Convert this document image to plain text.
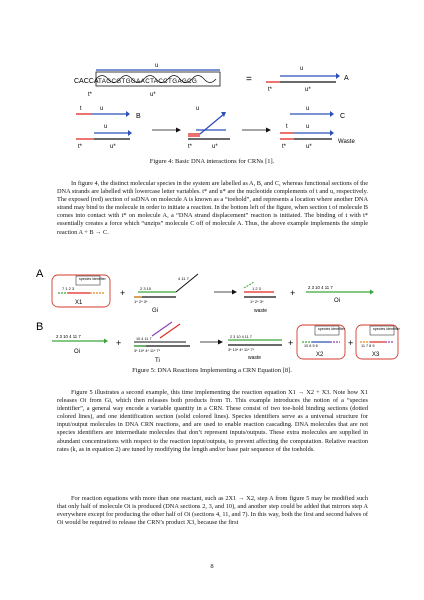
CACCA TAGCGTGGAACTACCTGAGCG
u
t*	u*
=
u
t*	u*
A
t	u
B
u
t*	u*
u
t*	u*
u
C
t	u
t*	u*
Waste
Figure 4: Basic DNA interactions for CRNs [1].

In figure 4, the distinct molecular species in the system are labelled as A, B, and C, whereas functional sections of the DNA strands are labelled with lowercase letter variables. t* and u* are the nucleotide complements of t and u, respectively. The exposed (red) section of ssDNA on molecule A is known as a “toehold”, and represents a location where another DNA strand may bind to the molecule in order to initiate a reaction. In the bottom left of the figure, when section t of molecule B comes into contact with t* on molecule A, a “DNA strand displacement” reaction is initiated. The binding of t with t* essentially creates a force which “unzips” molecule C off of molecule A. Thus, the above example implements the simple reaction A + B → C.

A
B
species identifier
7 1 2 3
X1
+	2 3 10
4 11 7
1* 2* 3*
Gi
1 2 3
1* 2* 3*
waste
+
2 3 10 4 11 7
Oi
2 3 10 4 11 7
Oi
+	10 4 11 7
3* 10* 4* 11* 7*
Ti
2 3 10 4 11 7
3* 10* 4* 11* 7*
waste
+
species identifier
10 6 5 6
X2
+
species identifier
11 7 8 9
X3
Figure 5: DNA Reactions Implementing a CRN Equation [8].

Figure 5 illustrates a second example, this time implementing the reaction equation X1 → X2 + X3. Note how X1 releases Oi from Gi, which then releases both products from Ti. This example introduces the notion of a “species identifier”, a general way encode a variable quantity in a CRN. These consist of two toe-hold binding sections (dotted colored lines), and one identification section (solid colored lines). Species identifiers serve as a universal structure for input/output molecules in DNA CRN reactions, and are used to enable reaction cascading. DNA molecules that are not species identifiers are intermediate molecules that don’t represent inputs/outputs. These extra molecules are supplied in abundant concentrations with respect to the reaction input/outputs, to prevent affecting the computation. Relative reaction rates (k, as in equation 2) are tuned by modifying the length and/or base pair sequence of the toeholds.

For reaction equations with more than one reactant, such as 2X1 → X2, step A from figure 5 may be modified such that only half of molecule Oi is produced (DNA sections 2, 3, and 10), and another step could be added that mirrors step A everywhere except for producing the other half of Oi (sections 4, 11, and 7). In this way, both the first and second halves of Oi would be required to release the CRN’s product X3, because the first

8
